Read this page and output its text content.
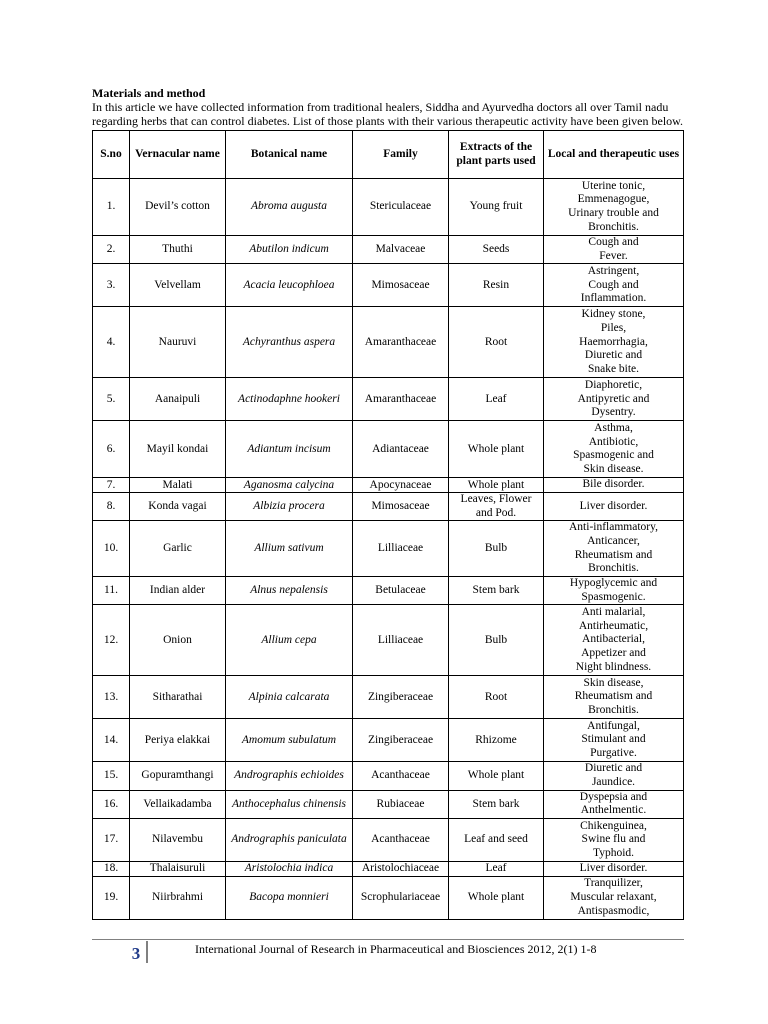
Materials and method
In this article we have collected information from traditional healers, Siddha and Ayurvedha doctors all over Tamil nadu
regarding herbs that can control diabetes. List of those plants with their various therapeutic activity have been given below.
S.no	Vernacular name	Botanical name	Family	Extracts of the plant parts used	Local and therapeutic uses
1.	Devil’s cotton	Abroma augusta	Stericulaceae	Young fruit	Uterine tonic,
Emmenagogue,
Urinary trouble and
Bronchitis.

2.	Thuthi	Abutilon indicum	Malvaceae	Seeds	Cough and
Fever.

3.	Velvellam	Acacia leucophloea	Mimosaceae	Resin	Astringent,
Cough and
Inflammation.

4.	Nauruvi	Achyranthus aspera	Amaranthaceae	Root	Kidney stone,
Piles,
Haemorrhagia,
Diuretic and
Snake bite.

5.	Aanaipuli	Actinodaphne hookeri	Amaranthaceae	Leaf	Diaphoretic,
Antipyretic and
Dysentry.

6.	Mayil kondai	Adiantum incisum	Adiantaceae	Whole plant	Asthma,
Antibiotic,
Spasmogenic and
Skin disease.

7.	Malati	Aganosma calycina	Apocynaceae	Whole plant	Bile disorder.

8.	Konda vagai	Albizia procera	Mimosaceae	Leaves, Flower and Pod.	Liver disorder.

10.	Garlic	Allium sativum	Lilliaceae	Bulb	Anti-inflammatory,
Anticancer,
Rheumatism and
Bronchitis.

11.	Indian alder	Alnus nepalensis	Betulaceae	Stem bark	Hypoglycemic and
Spasmogenic.

12.	Onion	Allium cepa	Lilliaceae	Bulb	Anti malarial,
Antirheumatic,
Antibacterial,
Appetizer and
Night blindness.

13.	Sitharathai	Alpinia calcarata	Zingiberaceae	Root	Skin disease,
Rheumatism and
Bronchitis.

14.	Periya elakkai	Amomum subulatum	Zingiberaceae	Rhizome	Antifungal,
Stimulant and
Purgative.

15.	Gopuramthangi	Andrographis echioides	Acanthaceae	Whole plant	Diuretic and
Jaundice.

16.	Vellaikadamba	Anthocephalus chinensis	Rubiaceae	Stem bark	Dyspepsia and
Anthelmentic.

17.	Nilavembu	Andrographis paniculata	Acanthaceae	Leaf and seed	Chikenguinea,
Swine flu and
Typhoid.

18.	Thalaisuruli	Aristolochia indica	Aristolochiaceae	Leaf	Liver disorder.

19.	Niirbrahmi	Bacopa monnieri	Scrophulariaceae	Whole plant	Tranquilizer,
Muscular relaxant,
Antispasmodic,
3	International Journal of Research in Pharmaceutical and Biosciences 2012, 2(1) 1-8
